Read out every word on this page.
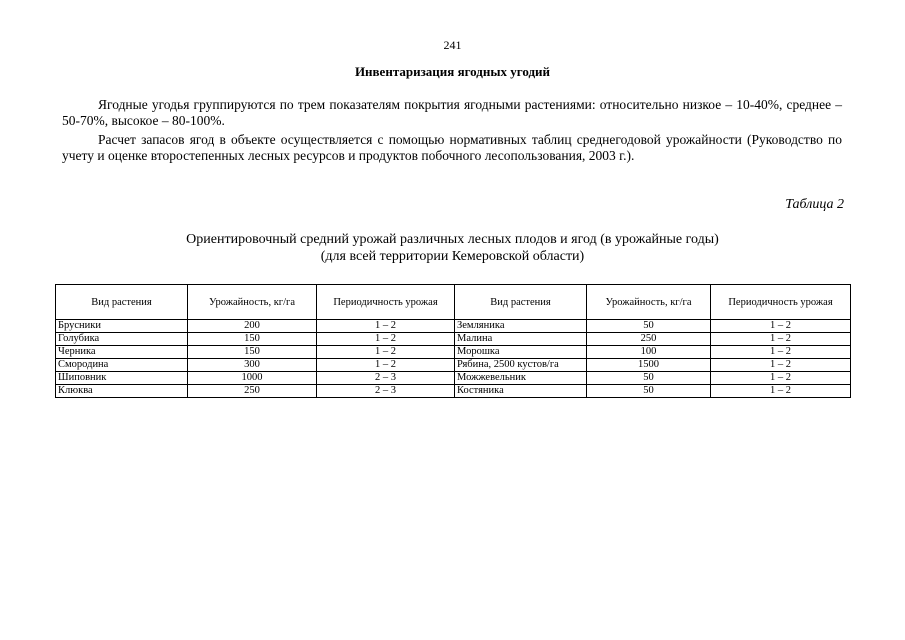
241
Инвентаризация ягодных угодий

Ягодные угодья группируются по трем показателям покрытия ягодными растениями: относительно низкое – 10-40%, среднее – 50-70%, высокое – 80-100%.

Расчет запасов ягод в объекте осуществляется с помощью нормативных таблиц среднегодовой урожайности (Руководство по учету и оценке второстепенных лесных ресурсов и продуктов побочного лесопользования, 2003 г.).

Таблица 2
Ориентировочный средний урожай различных лесных плодов и ягод (в урожайные годы)
(для всей территории Кемеровской области)
Вид растения	Урожайность, кг/га	Периодичность урожая	Вид растения	Урожайность, кг/га	Периодичность урожая
Брусники	200	1 – 2	Земляника	50	1 – 2
Голубика	150	1 – 2	Малина	250	1 – 2
Черника	150	1 – 2	Морошка	100	1 – 2
Смородина	300	1 – 2	Рябина, 2500 кустов/га	1500	1 – 2
Шиповник	1000	2 – 3	Можжевельник	50	1 – 2
Клюква	250	2 – 3	Костяника	50	1 – 2
